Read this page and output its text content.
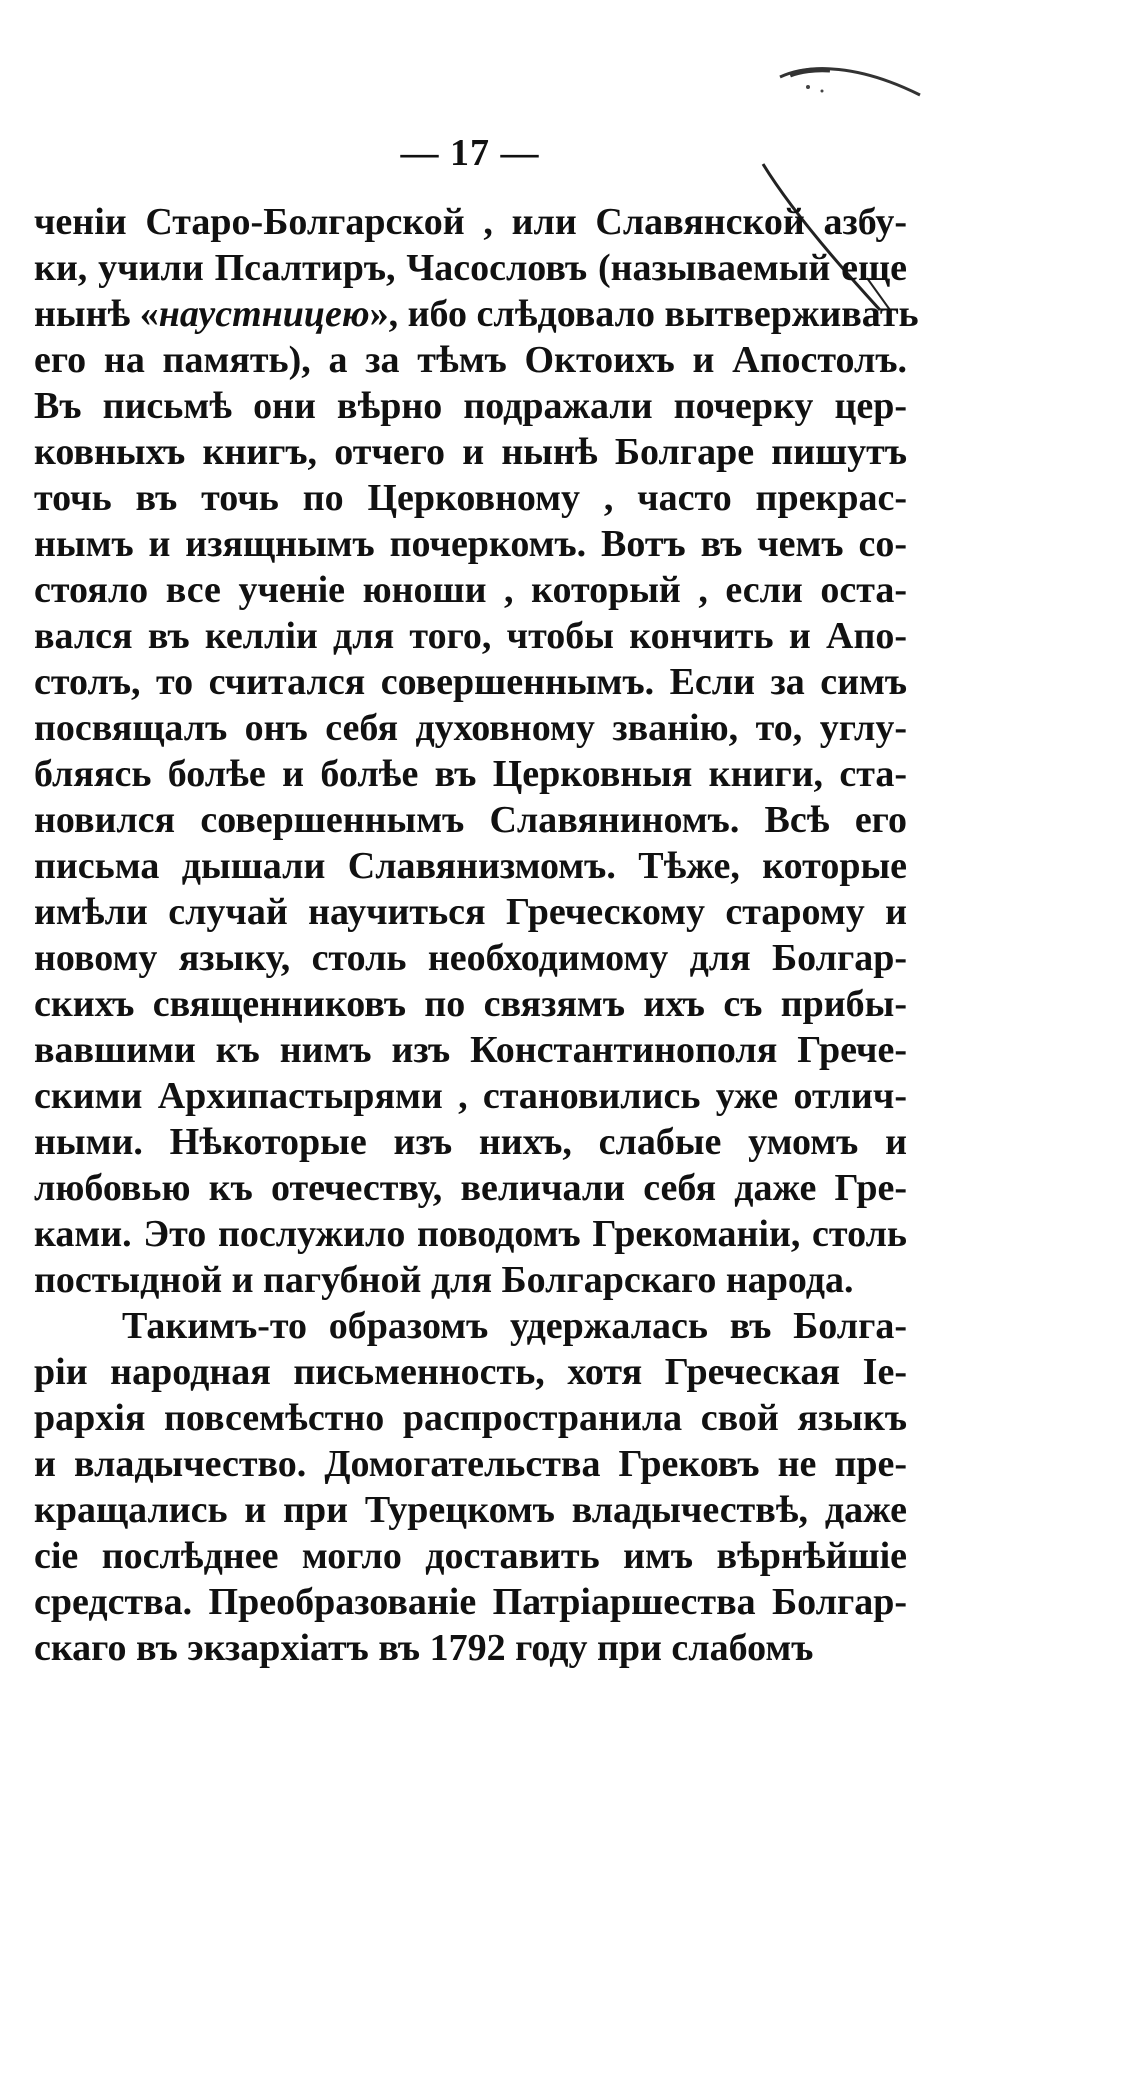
— 17 —
ченіи Старо-Болгарской , или Славянской азбу-
ки, учили Псалтиръ, Часословъ (называемый еще
нынѣ «наустницею», ибо слѣдовало вытверживать
его на память), а за тѣмъ Октоихъ и Апостолъ.
Въ письмѣ они вѣрно подражали почерку цер-
ковныхъ книгъ, отчего и нынѣ Болгаре пишутъ
точь въ точь по Церковному , часто прекрас-
нымъ и изящнымъ почеркомъ. Вотъ въ чемъ со-
стояло все ученіе юноши , который , если оста-
вался въ келліи для того, чтобы кончить и Апо-
столъ, то считался совершеннымъ. Если за симъ
посвящалъ онъ себя духовному званію, то, углу-
бляясь болѣе и болѣе въ Церковныя книги, ста-
новился совершеннымъ Славяниномъ. Всѣ его
письма дышали Славянизмомъ. Тѣже, которые
имѣли случай научиться Греческому старому и
новому языку, столь необходимому для Болгар-
скихъ священниковъ по связямъ ихъ съ прибы-
вавшими къ нимъ изъ Константинополя Грече-
скими Архипастырями , становились уже отлич-
ными. Нѣкоторые изъ нихъ, слабые умомъ и
любовью къ отечеству, величали себя даже Гре-
ками. Это послужило поводомъ Грекоманіи, столь
постыдной и пагубной для Болгарскаго народа.
Такимъ-то образомъ удержалась въ Болга-
ріи народная письменность, хотя Греческая Іе-
рархія повсемѣстно распространила свой языкъ
и владычество. Домогательства Грековъ не пре-
кращались и при Турецкомъ владычествѣ, даже
сіе послѣднее могло доставить имъ вѣрнѣйшіе
средства. Преобразованіе Патріаршества Болгар-
скаго въ экзархіатъ въ 1792 году при слабомъ
